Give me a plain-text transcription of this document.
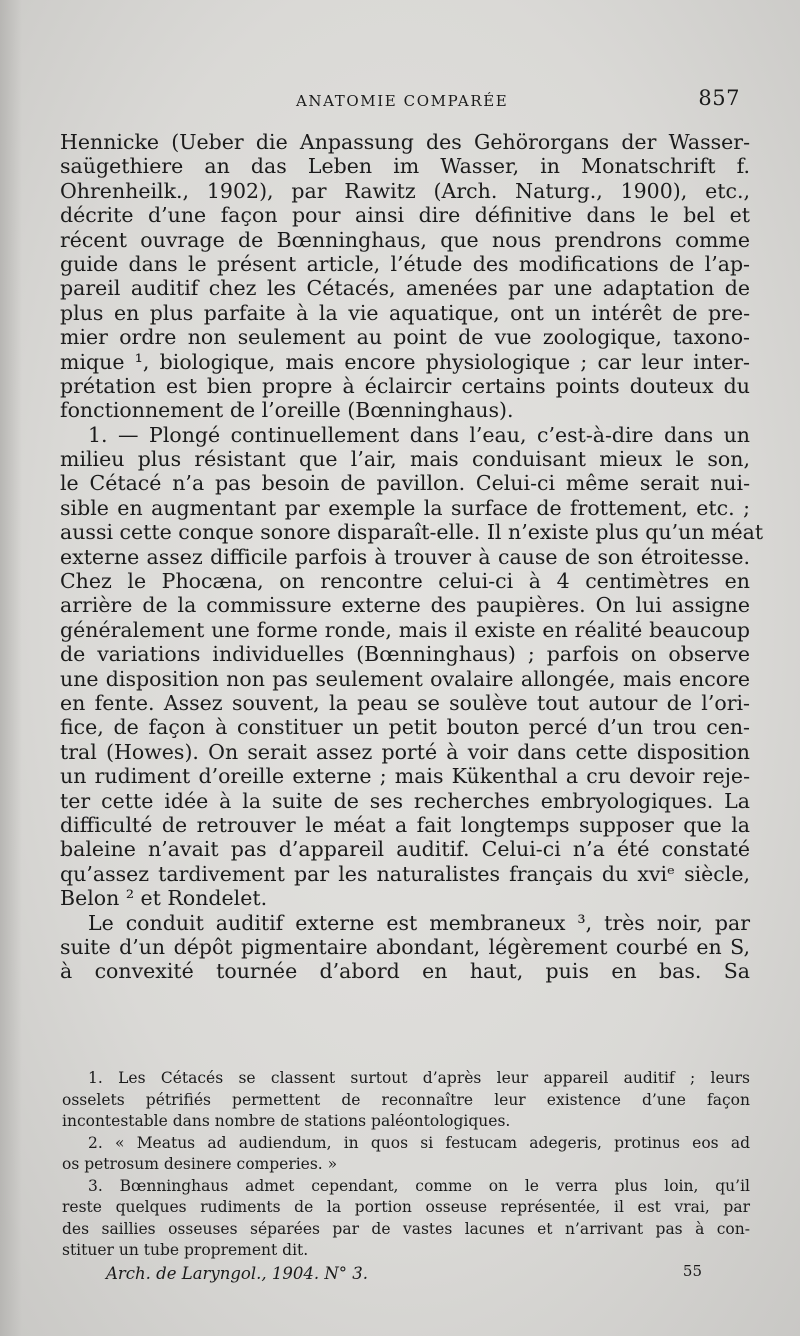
ANATOMIE COMPARÉE	857
Hennicke (Ueber die Anpassung des Gehörorgans der Wasser-
saügethiere an das Leben im Wasser, in Monatschrift f.
Ohrenheilk., 1902), par Rawitz (Arch. Naturg., 1900), etc.,
décrite d’une façon pour ainsi dire définitive dans le bel et
récent ouvrage de Bœnninghaus, que nous prendrons comme
guide dans le présent article, l’étude des modifications de l’ap-
pareil auditif chez les Cétacés, amenées par une adaptation de
plus en plus parfaite à la vie aquatique, ont un intérêt de pre-
mier ordre non seulement au point de vue zoologique, taxono-
mique ¹, biologique, mais encore physiologique ; car leur inter-
prétation est bien propre à éclaircir certains points douteux du
fonctionnement de l’oreille (Bœnninghaus).
1. — Plongé continuellement dans l’eau, c’est-à-dire dans un
milieu plus résistant que l’air, mais conduisant mieux le son,
le Cétacé n’a pas besoin de pavillon. Celui-ci même serait nui-
sible en augmentant par exemple la surface de frottement, etc. ;
aussi cette conque sonore disparaît-elle. Il n’existe plus qu’un méat
externe assez difficile parfois à trouver à cause de son étroitesse.
Chez le Phocæna, on rencontre celui-ci à 4 centimètres en
arrière de la commissure externe des paupières. On lui assigne
généralement une forme ronde, mais il existe en réalité beaucoup
de variations individuelles (Bœnninghaus) ; parfois on observe
une disposition non pas seulement ovalaire allongée, mais encore
en fente. Assez souvent, la peau se soulève tout autour de l’ori-
fice, de façon à constituer un petit bouton percé d’un trou cen-
tral (Howes). On serait assez porté à voir dans cette disposition
un rudiment d’oreille externe ; mais Kükenthal a cru devoir reje-
ter cette idée à la suite de ses recherches embryologiques. La
difficulté de retrouver le méat a fait longtemps supposer que la
baleine n’avait pas d’appareil auditif. Celui-ci n’a été constaté
qu’assez tardivement par les naturalistes français du xviᵉ siècle,
Belon ² et Rondelet.
Le conduit auditif externe est membraneux ³, très noir, par
suite d’un dépôt pigmentaire abondant, légèrement courbé en S,
à convexité tournée d’abord en haut, puis en bas. Sa
1. Les Cétacés se classent surtout d’après leur appareil auditif ; leurs
osselets pétrifiés permettent de reconnaître leur existence d’une façon
incontestable dans nombre de stations paléontologiques.
2. « Meatus ad audiendum, in quos si festucam adegeris, protinus eos ad
os petrosum desinere comperies. »
3. Bœnninghaus admet cependant, comme on le verra plus loin, qu’il
reste quelques rudiments de la portion osseuse représentée, il est vrai, par
des saillies osseuses séparées par de vastes lacunes et n’arrivant pas à con-
stituer un tube proprement dit.
Arch. de Laryngol., 1904. N° 3.	55
